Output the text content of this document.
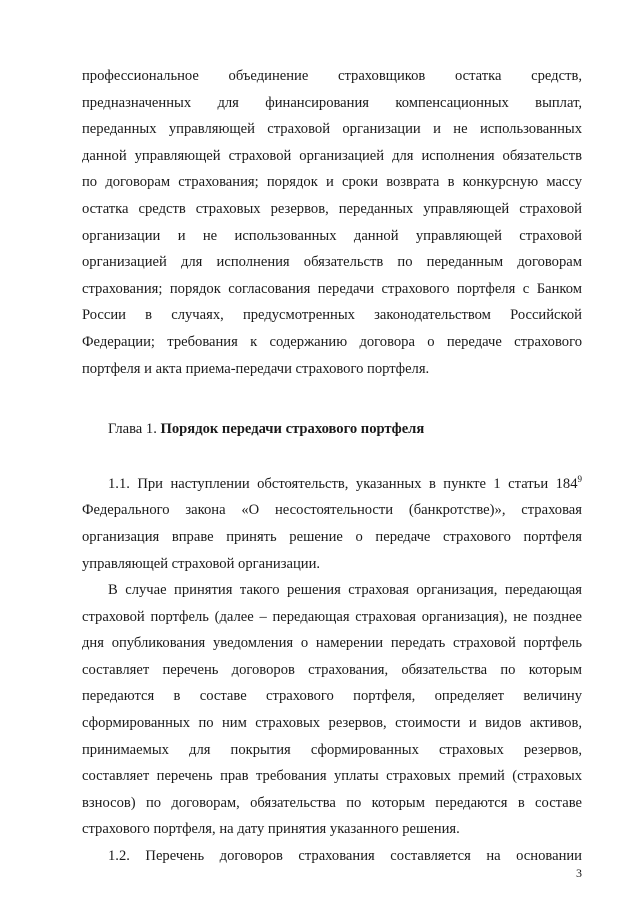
профессиональное объединение страховщиков остатка средств,

предназначенных для финансирования компенсационных выплат,

переданных управляющей страховой организации и не использованных

данной управляющей страховой организацией для исполнения обязательств

по договорам страхования; порядок и сроки возврата в конкурсную массу

остатка средств страховых резервов, переданных управляющей страховой

организации и не использованных данной управляющей страховой

организацией для исполнения обязательств по переданным договорам

страхования; порядок согласования передачи страхового портфеля с Банком

России в случаях, предусмотренных законодательством Российской

Федерации; требования к содержанию договора о передаче страхового

портфеля и акта приема-передачи страхового портфеля.

Глава 1. Порядок передачи страхового портфеля

1.1. При наступлении обстоятельств, указанных в пункте 1 статьи $184^9$

Федерального закона «О несостоятельности (банкротстве)», страховая

организация вправе принять решение о передаче страхового портфеля

управляющей страховой организации.

В случае принятия такого решения страховая организация, передающая

страховой портфель (далее – передающая страховая организация), не позднее

дня опубликования уведомления о намерении передать страховой портфель

составляет перечень договоров страхования, обязательства по которым

передаются в составе страхового портфеля, определяет величину

сформированных по ним страховых резервов, стоимости и видов активов,

принимаемых для покрытия сформированных страховых резервов,

составляет перечень прав требования уплаты страховых премий (страховых

взносов) по договорам, обязательства по которым передаются в составе

страхового портфеля, на дату принятия указанного решения.

1.2. Перечень договоров страхования составляется на основании

3
